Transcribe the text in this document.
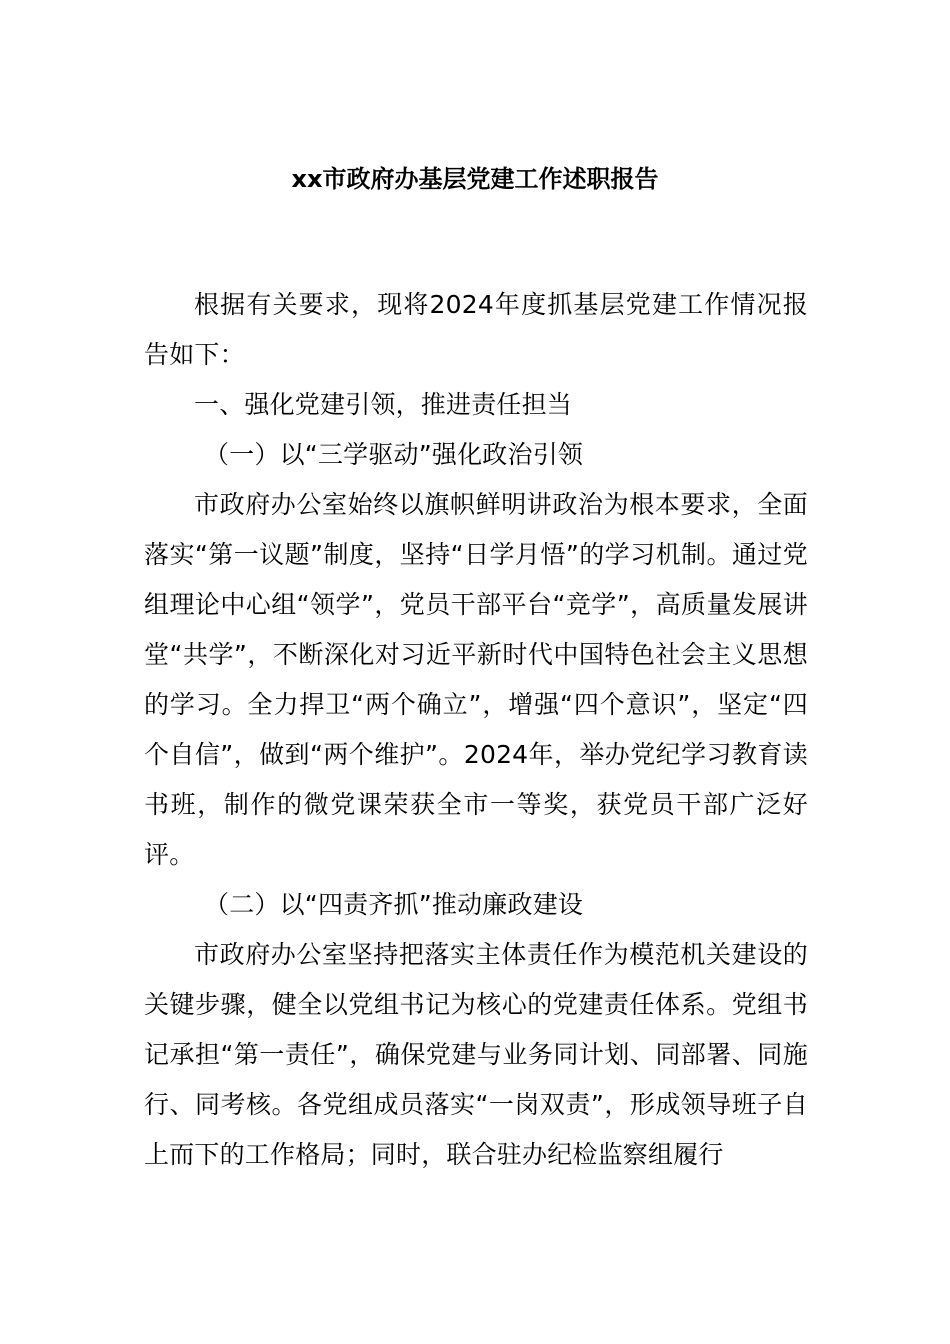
xx市政府办基层党建工作述职报告

根据有关要求，现将2024年度抓基层党建工作情况报告如下：

一、强化党建引领，推进责任担当

（一）以“三学驱动”强化政治引领

市政府办公室始终以旗帜鲜明讲政治为根本要求，全面落实“第一议题”制度，坚持“日学月悟”的学习机制。通过党组理论中心组“领学”，党员干部平台“竞学”，高质量发展讲堂“共学”，不断深化对习近平新时代中国特色社会主义思想的学习。全力捍卫“两个确立”，增强“四个意识”，坚定“四个自信”，做到“两个维护”。2024年，举办党纪学习教育读书班，制作的微党课荣获全市一等奖，获党员干部广泛好评。

（二）以“四责齐抓”推动廉政建设

市政府办公室坚持把落实主体责任作为模范机关建设的关键步骤，健全以党组书记为核心的党建责任体系。党组书记承担“第一责任”，确保党建与业务同计划、同部署、同施行、同考核。各党组成员落实“一岗双责”，形成领导班子自上而下的工作格局；同时，联合驻办纪检监察组履行
